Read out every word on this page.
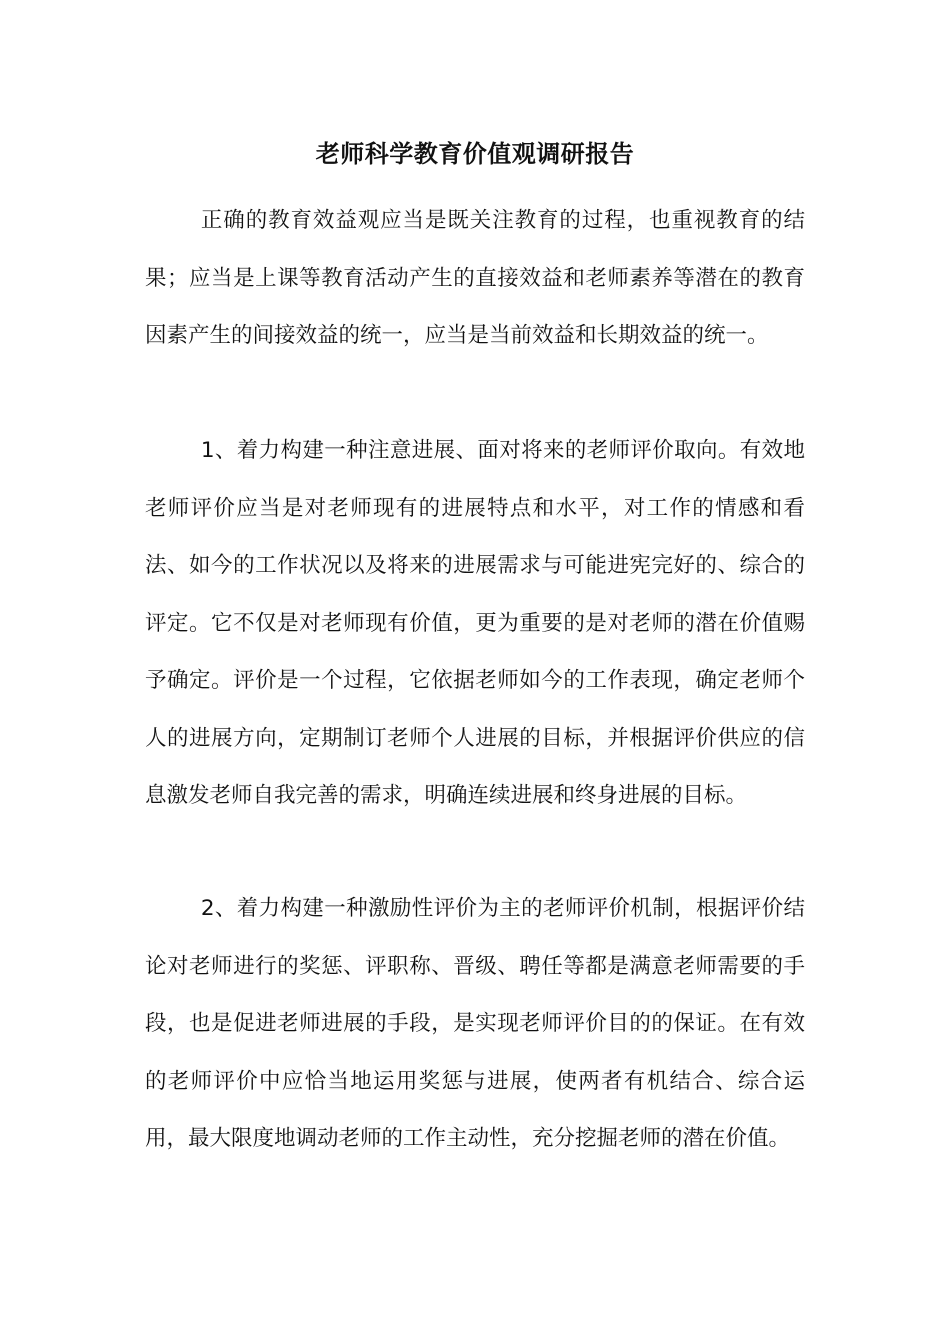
老师科学教育价值观调研报告

正确的教育效益观应当是既关注教育的过程，也重视教育的结果；应当是上课等教育活动产生的直接效益和老师素养等潜在的教育因素产生的间接效益的统一，应当是当前效益和长期效益的统一。

1、着力构建一种注意进展、面对将来的老师评价取向。有效地老师评价应当是对老师现有的进展特点和水平，对工作的情感和看法、如今的工作状况以及将来的进展需求与可能进宪完好的、综合的评定。它不仅是对老师现有价值，更为重要的是对老师的潜在价值赐予确定。评价是一个过程，它依据老师如今的工作表现，确定老师个人的进展方向，定期制订老师个人进展的目标，并根据评价供应的信息激发老师自我完善的需求，明确连续进展和终身进展的目标。

2、着力构建一种激励性评价为主的老师评价机制，根据评价结论对老师进行的奖惩、评职称、晋级、聘任等都是满意老师需要的手段，也是促进老师进展的手段，是实现老师评价目的的保证。在有效的老师评价中应恰当地运用奖惩与进展，使两者有机结合、综合运用，最大限度地调动老师的工作主动性，充分挖掘老师的潜在价值。
